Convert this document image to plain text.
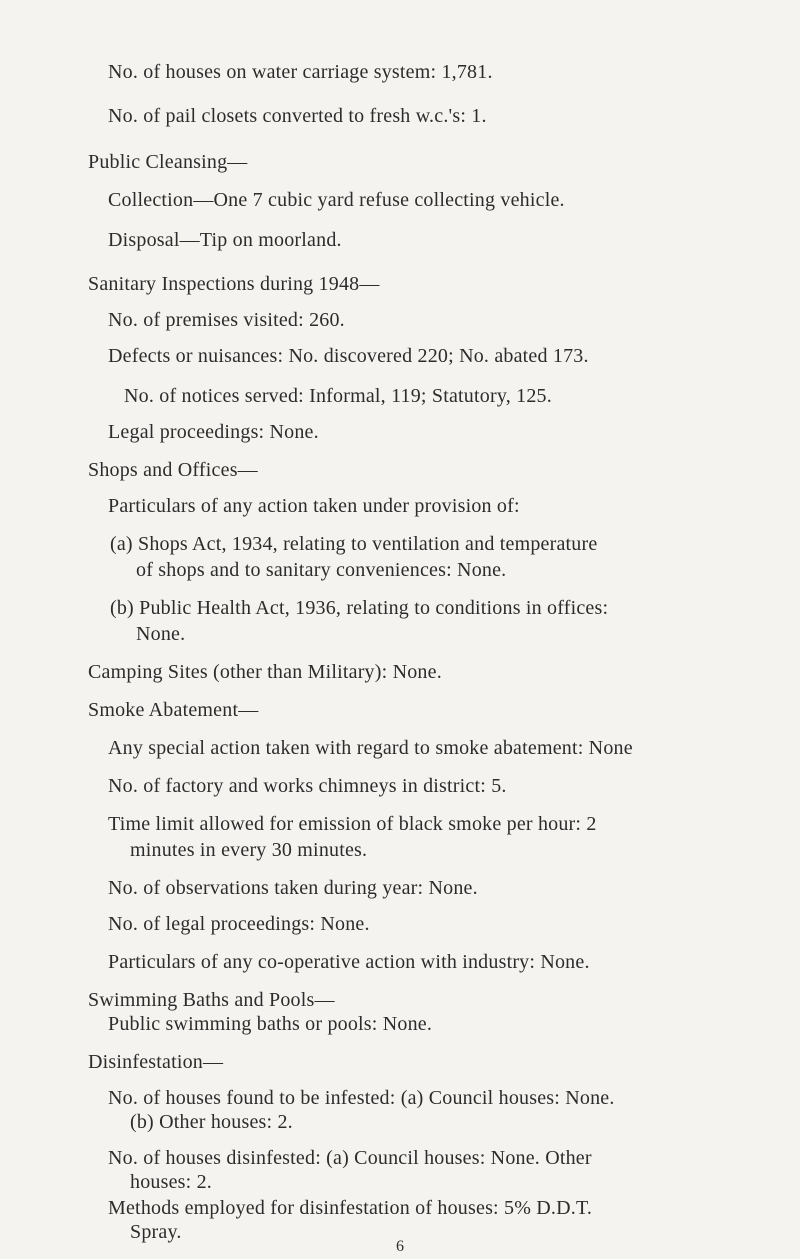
No. of houses on water carriage system: 1,781.
No. of pail closets converted to fresh w.c.'s: 1.
Public Cleansing—
Collection—One 7 cubic yard refuse collecting vehicle.
Disposal—Tip on moorland.
Sanitary Inspections during 1948—
No. of premises visited: 260.
Defects or nuisances: No. discovered 220; No. abated 173.
No. of notices served: Informal, 119; Statutory, 125.
Legal proceedings: None.
Shops and Offices—
Particulars of any action taken under provision of:
(a) Shops Act, 1934, relating to ventilation and temperature
of shops and to sanitary conveniences: None.
(b) Public Health Act, 1936, relating to conditions in offices:
None.
Camping Sites (other than Military): None.
Smoke Abatement—
Any special action taken with regard to smoke abatement: None
No. of factory and works chimneys in district: 5.
Time limit allowed for emission of black smoke per hour: 2
minutes in every 30 minutes.
No. of observations taken during year: None.
No. of legal proceedings: None.
Particulars of any co-operative action with industry: None.
Swimming Baths and Pools—
Public swimming baths or pools: None.
Disinfestation—
No. of houses found to be infested: (a) Council houses: None.
(b) Other houses: 2.
No. of houses disinfested: (a) Council houses: None. Other
houses: 2.
Methods employed for disinfestation of houses: 5% D.D.T.
Spray.
6
